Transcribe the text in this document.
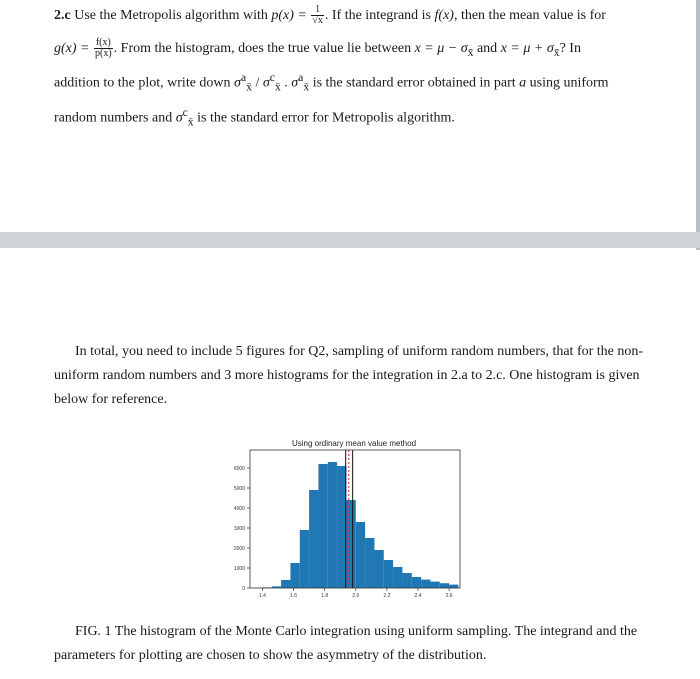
2.c Use the Metropolis algorithm with $p(x) = \frac{1}{√x}$ . If the integrand is f(x), then the mean value is for
$g(x) = \frac{f(x)}{p(x)}$ . From the histogram, does the true value lie between $x = \mu - \sigma_{x̄}$ and $x = \mu + \sigma_{x̄}$? In
addition to the plot, write down $\sigma^a_{x̄} / \sigma^c_{x̄}$ . $\sigma^a_{x̄}$ is the standard error obtained in part a using uniform
random numbers and $\sigma^c_{x̄}$ is the standard error for Metropolis algorithm.
In total, you need to include 5 figures for Q2, sampling of uniform random numbers, that for the non-
uniform random numbers and 3 more histograms for the integration in 2.a to 2.c. One histogram is given
below for reference.
Using ordinary mean value method
0
1000
2000
3000
4000
5000
6000
1.4	1.6	1.8	2.0	2.2	2.4	2.6
FIG. 1 The histogram of the Monte Carlo integration using uniform sampling. The integrand and the
parameters for plotting are chosen to show the asymmetry of the distribution.
